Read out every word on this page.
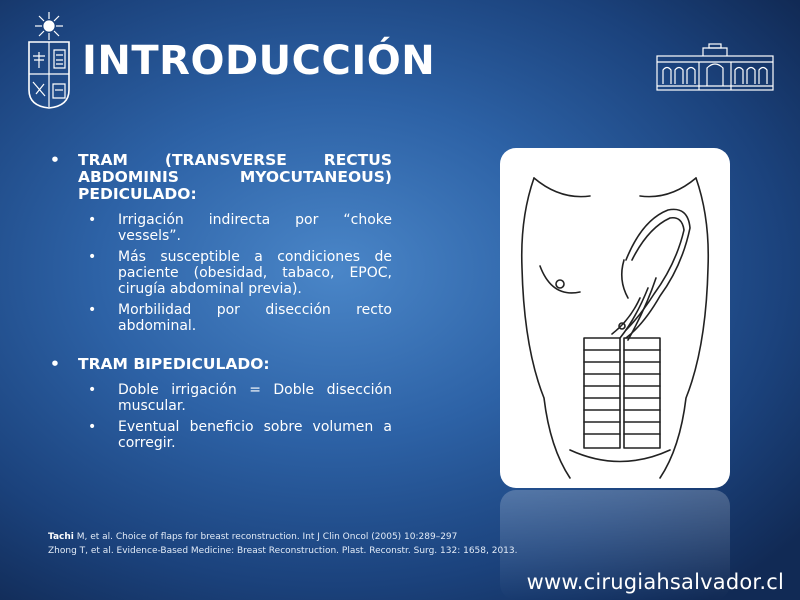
INTRODUCCIÓN
• TRAM (TRANSVERSE RECTUS ABDOMINIS MYOCUTANEOUS) PEDICULADO:
• Irrigación indirecta por “choke vessels”.
• Más susceptible a condiciones de paciente (obesidad, tabaco, EPOC, cirugía abdominal previa).
• Morbilidad por disección recto abdominal.
• TRAM BIPEDICULADO:
• Doble irrigación = Doble disección muscular.
• Eventual beneficio sobre volumen a corregir.
Tachi M, et al. Choice of flaps for breast reconstruction. Int J Clin Oncol (2005) 10:289–297
Zhong T, et al. Evidence-Based Medicine: Breast Reconstruction. Plast. Reconstr. Surg. 132: 1658, 2013.
www.cirugiahsalvador.cl
